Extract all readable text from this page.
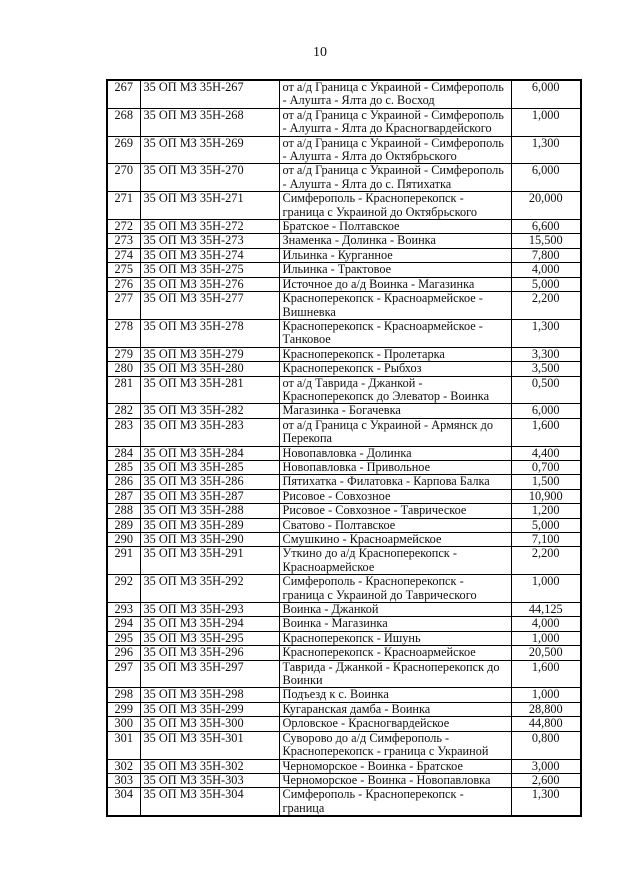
10
267	35 ОП МЗ 35Н-267	от а/д Граница с Украиной - Симферополь - Алушта - Ялта до с. Восход	6,000
268	35 ОП МЗ 35Н-268	от а/д Граница с Украиной - Симферополь - Алушта - Ялта до Красногвардейского	1,000
269	35 ОП МЗ 35Н-269	от а/д Граница с Украиной - Симферополь - Алушта - Ялта до Октябрьского	1,300
270	35 ОП МЗ 35Н-270	от а/д Граница с Украиной - Симферополь - Алушта - Ялта до с. Пятихатка	6,000
271	35 ОП МЗ 35Н-271	Симферополь - Красноперекопск - граница с Украиной до Октябрьского	20,000
272	35 ОП МЗ 35Н-272	Братское - Полтавское	6,600
273	35 ОП МЗ 35Н-273	Знаменка - Долинка - Воинка	15,500
274	35 ОП МЗ 35Н-274	Ильинка - Курганное	7,800
275	35 ОП МЗ 35Н-275	Ильинка - Трактовое	4,000
276	35 ОП МЗ 35Н-276	Источное до а/д Воинка - Магазинка	5,000
277	35 ОП МЗ 35Н-277	Красноперекопск - Красноармейское - Вишневка	2,200
278	35 ОП МЗ 35Н-278	Красноперекопск - Красноармейское - Танковое	1,300
279	35 ОП МЗ 35Н-279	Красноперекопск - Пролетарка	3,300
280	35 ОП МЗ 35Н-280	Красноперекопск - Рыбхоз	3,500
281	35 ОП МЗ 35Н-281	от а/д Таврида - Джанкой - Красноперекопск до Элеватор - Воинка	0,500
282	35 ОП МЗ 35Н-282	Магазинка - Богачевка	6,000
283	35 ОП МЗ 35Н-283	от а/д Граница с Украиной - Армянск до Перекопа	1,600
284	35 ОП МЗ 35Н-284	Новопавловка - Долинка	4,400
285	35 ОП МЗ 35Н-285	Новопавловка - Привольное	0,700
286	35 ОП МЗ 35Н-286	Пятихатка - Филатовка - Карпова Балка	1,500
287	35 ОП МЗ 35Н-287	Рисовое - Совхозное	10,900
288	35 ОП МЗ 35Н-288	Рисовое - Совхозное - Таврическое	1,200
289	35 ОП МЗ 35Н-289	Сватово - Полтавское	5,000
290	35 ОП МЗ 35Н-290	Смушкино - Красноармейское	7,100
291	35 ОП МЗ 35Н-291	Уткино до а/д Красноперекопск - Красноармейское	2,200
292	35 ОП МЗ 35Н-292	Симферополь - Красноперекопск - граница с Украиной до Таврического	1,000
293	35 ОП МЗ 35Н-293	Воинка - Джанкой	44,125
294	35 ОП МЗ 35Н-294	Воинка - Магазинка	4,000
295	35 ОП МЗ 35Н-295	Красноперекопск - Ишунь	1,000
296	35 ОП МЗ 35Н-296	Красноперекопск - Красноармейское	20,500
297	35 ОП МЗ 35Н-297	Таврида - Джанкой - Красноперекопск до Воинки	1,600
298	35 ОП МЗ 35Н-298	Подъезд к с. Воинка	1,000
299	35 ОП МЗ 35Н-299	Кугаранская дамба - Воинка	28,800
300	35 ОП МЗ 35Н-300	Орловское - Красногвардейское	44,800
301	35 ОП МЗ 35Н-301	Суворово до а/д Симферополь - Красноперекопск - граница с Украиной	0,800
302	35 ОП МЗ 35Н-302	Черноморское - Воинка - Братское	3,000
303	35 ОП МЗ 35Н-303	Черноморское - Воинка - Новопавловка	2,600
304	35 ОП МЗ 35Н-304	Симферополь - Красноперекопск - граница	1,300
